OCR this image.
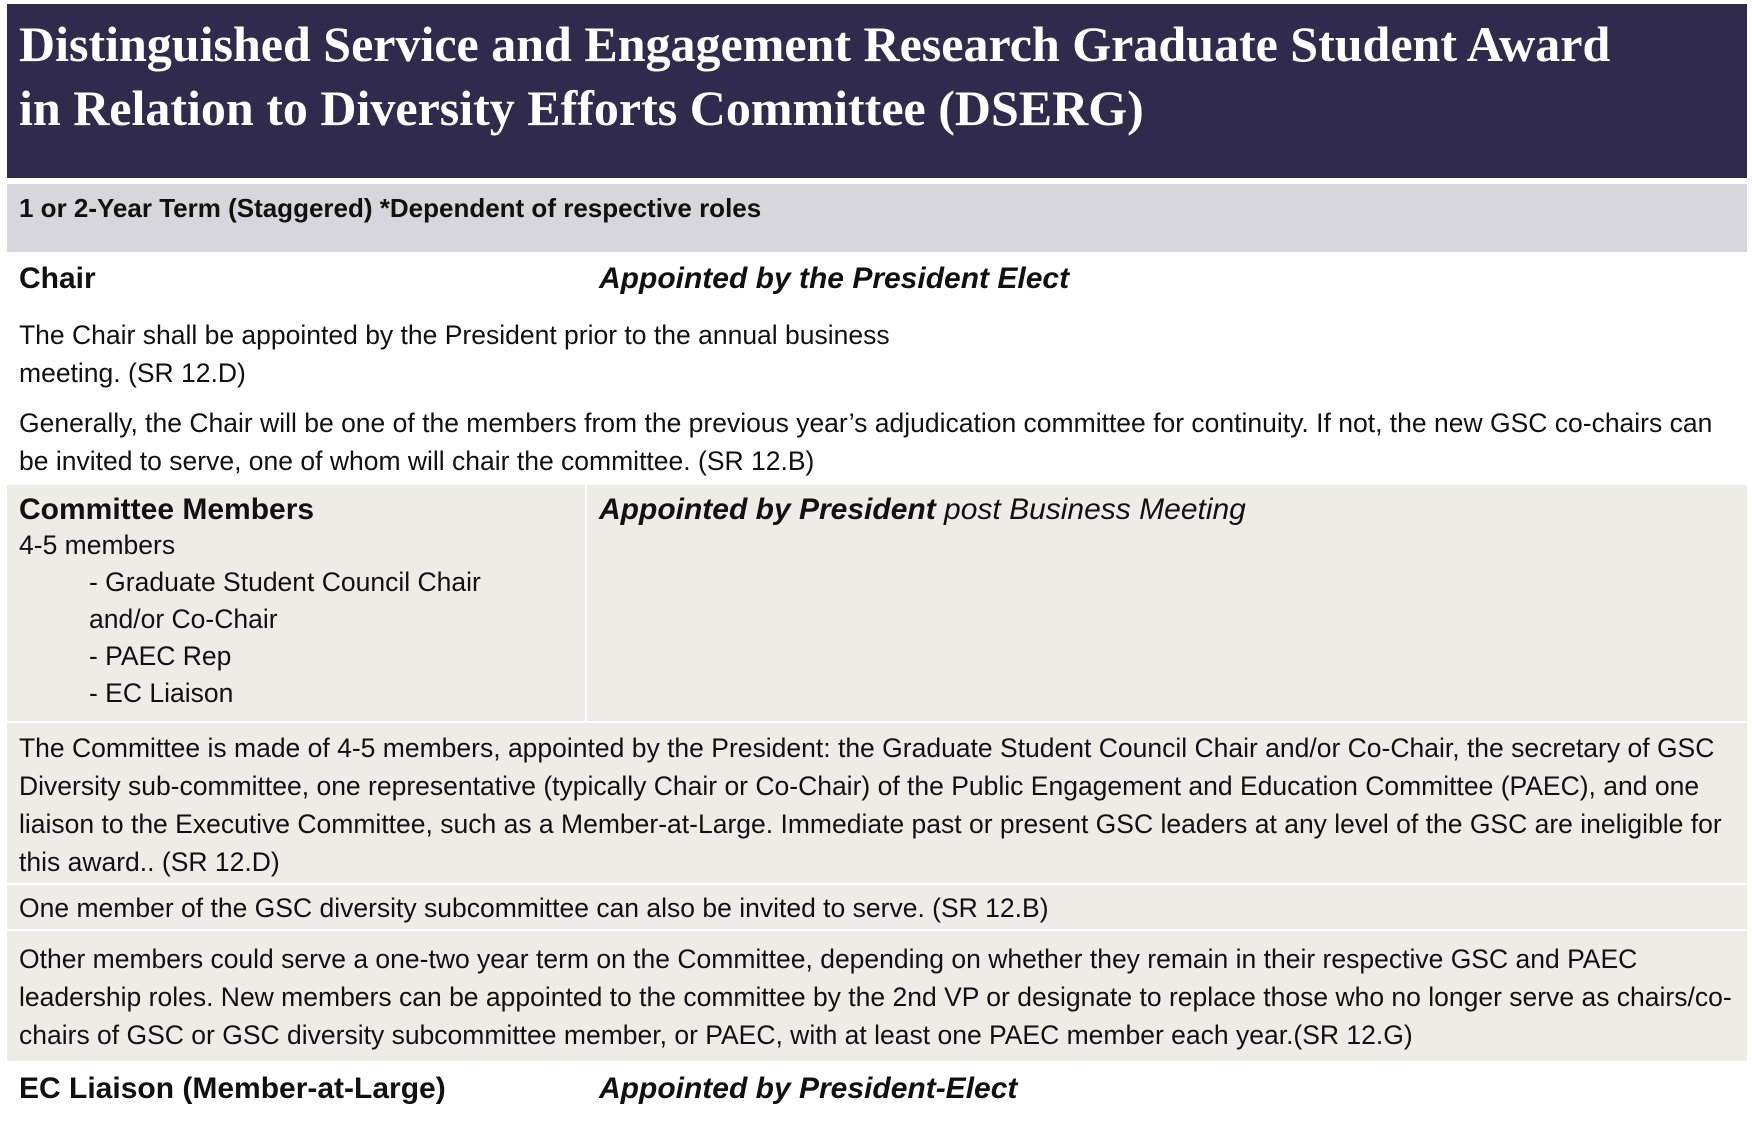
Distinguished Service and Engagement Research Graduate Student Award
in Relation to Diversity Efforts Committee (DSERG)
1 or 2-Year Term (Staggered) *Dependent of respective roles
Chair	Appointed by the President Elect
The Chair shall be appointed by the President prior to the annual business
meeting. (SR 12.D)
Generally, the Chair will be one of the members from the previous year’s adjudication committee for continuity. If not, the new GSC co-chairs can be invited to serve, one of whom will chair the committee. (SR 12.B)
Committee Members
4-5 members
- Graduate Student Council Chair and/or Co-Chair
- PAEC Rep
- EC Liaison
Appointed by President post Business Meeting
The Committee is made of 4-5 members, appointed by the President: the Graduate Student Council Chair and/or Co-Chair, the secretary of GSC Diversity sub-committee, one representative (typically Chair or Co-Chair) of the Public Engagement and Education Committee (PAEC), and one liaison to the Executive Committee, such as a Member-at-Large. Immediate past or present GSC leaders at any level of the GSC are ineligible for this award.. (SR 12.D)
One member of the GSC diversity subcommittee can also be invited to serve. (SR 12.B)
Other members could serve a one-two year term on the Committee, depending on whether they remain in their respective GSC and PAEC leadership roles. New members can be appointed to the committee by the 2nd VP or designate to replace those who no longer serve as chairs/co-chairs of GSC or GSC diversity subcommittee member, or PAEC, with at least one PAEC member each year.(SR 12.G)
EC Liaison (Member-at-Large)	Appointed by President-Elect
